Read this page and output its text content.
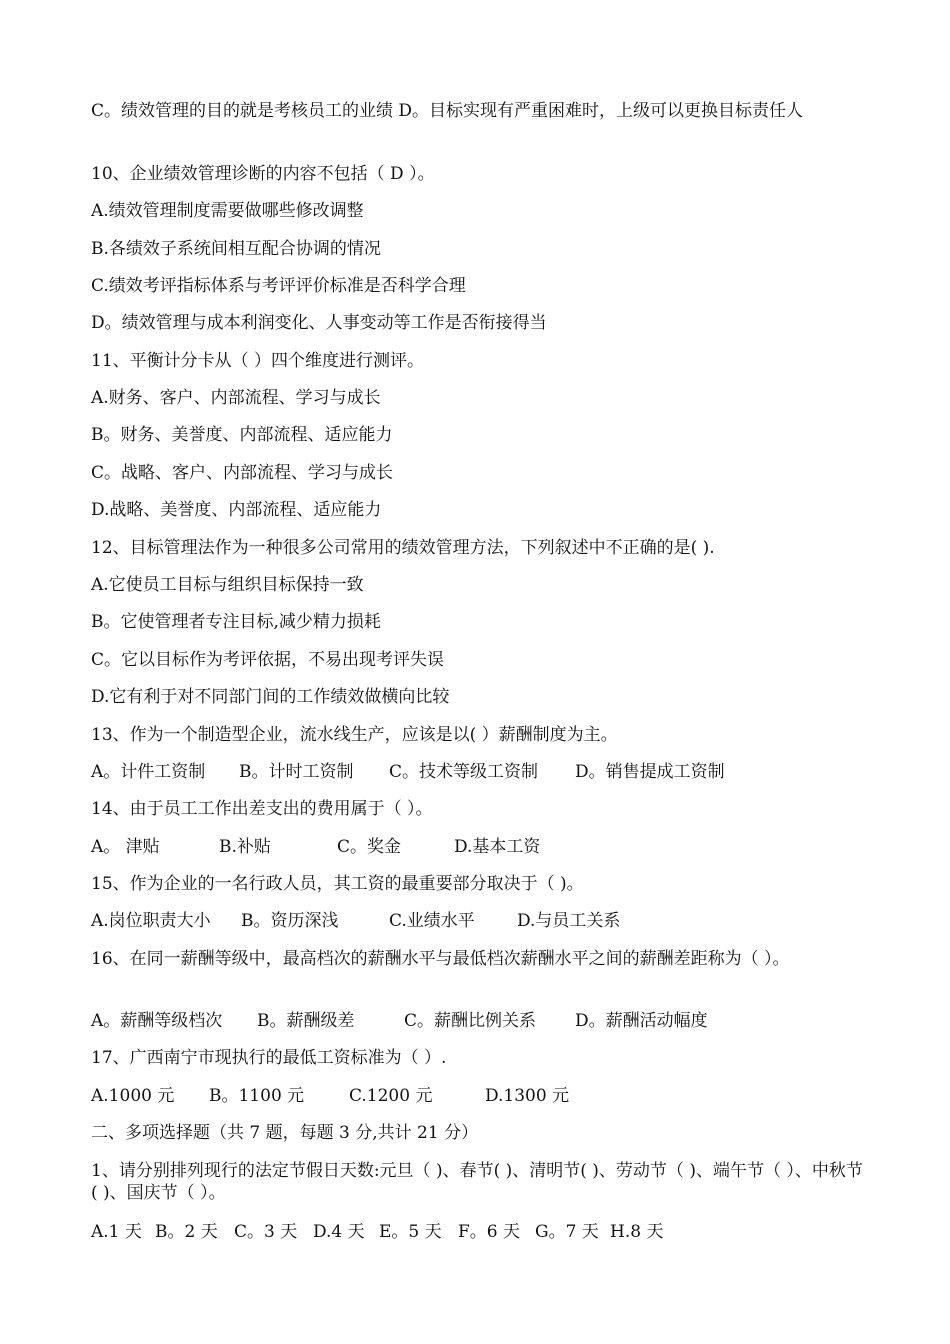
C。绩效管理的目的就是考核员工的业绩 D。目标实现有严重困难时，上级可以更换目标责任人
10、企业绩效管理诊断的内容不包括（ D ）。
A.绩效管理制度需要做哪些修改调整
B.各绩效子系统间相互配合协调的情况
C.绩效考评指标体系与考评评价标准是否科学合理
D。绩效管理与成本利润变化、人事变动等工作是否衔接得当
11、平衡计分卡从（ ）四个维度进行测评。
A.财务、客户、内部流程、学习与成长
B。财务、美誉度、内部流程、适应能力
C。战略、客户、内部流程、学习与成长
D.战略、美誉度、内部流程、适应能力
12、目标管理法作为一种很多公司常用的绩效管理方法，下列叙述中不正确的是( ).
A.它使员工目标与组织目标保持一致
B。它使管理者专注目标,减少精力损耗
C。它以目标作为考评依据，不易出现考评失误
D.它有利于对不同部门间的工作绩效做横向比较
13、作为一个制造型企业，流水线生产，应该是以( ）薪酬制度为主。
A。计件工资制 B。计时工资制 C。技术等级工资制 D。销售提成工资制
14、由于员工工作出差支出的费用属于（ ）。
A。 津贴	B.补贴	C。奖金	D.基本工资
15、作为企业的一名行政人员，其工资的最重要部分取决于（ )。
A.岗位职责大小 B。资历深浅	C.业绩水平 D.与员工关系
16、在同一薪酬等级中，最高档次的薪酬水平与最低档次薪酬水平之间的薪酬差距称为（ ）。
A。薪酬等级档次 B。薪酬级差	C。薪酬比例关系 D。薪酬活动幅度
17、广西南宁市现执行的最低工资标准为（ ）.
A.1000 元 B。1100 元	C.1200 元	D.1300 元
二、多项选择题（共 7 题，每题 3 分,共计 21 分）
1、请分别排列现行的法定节假日天数:元旦（ )、春节( )、清明节( )、劳动节（ )、端午节（ ）、中秋节( )、国庆节（ ）。
A.1 天 B。2 天 C。3 天 D.4 天 E。5 天 F。6 天 G。7 天 H.8 天
